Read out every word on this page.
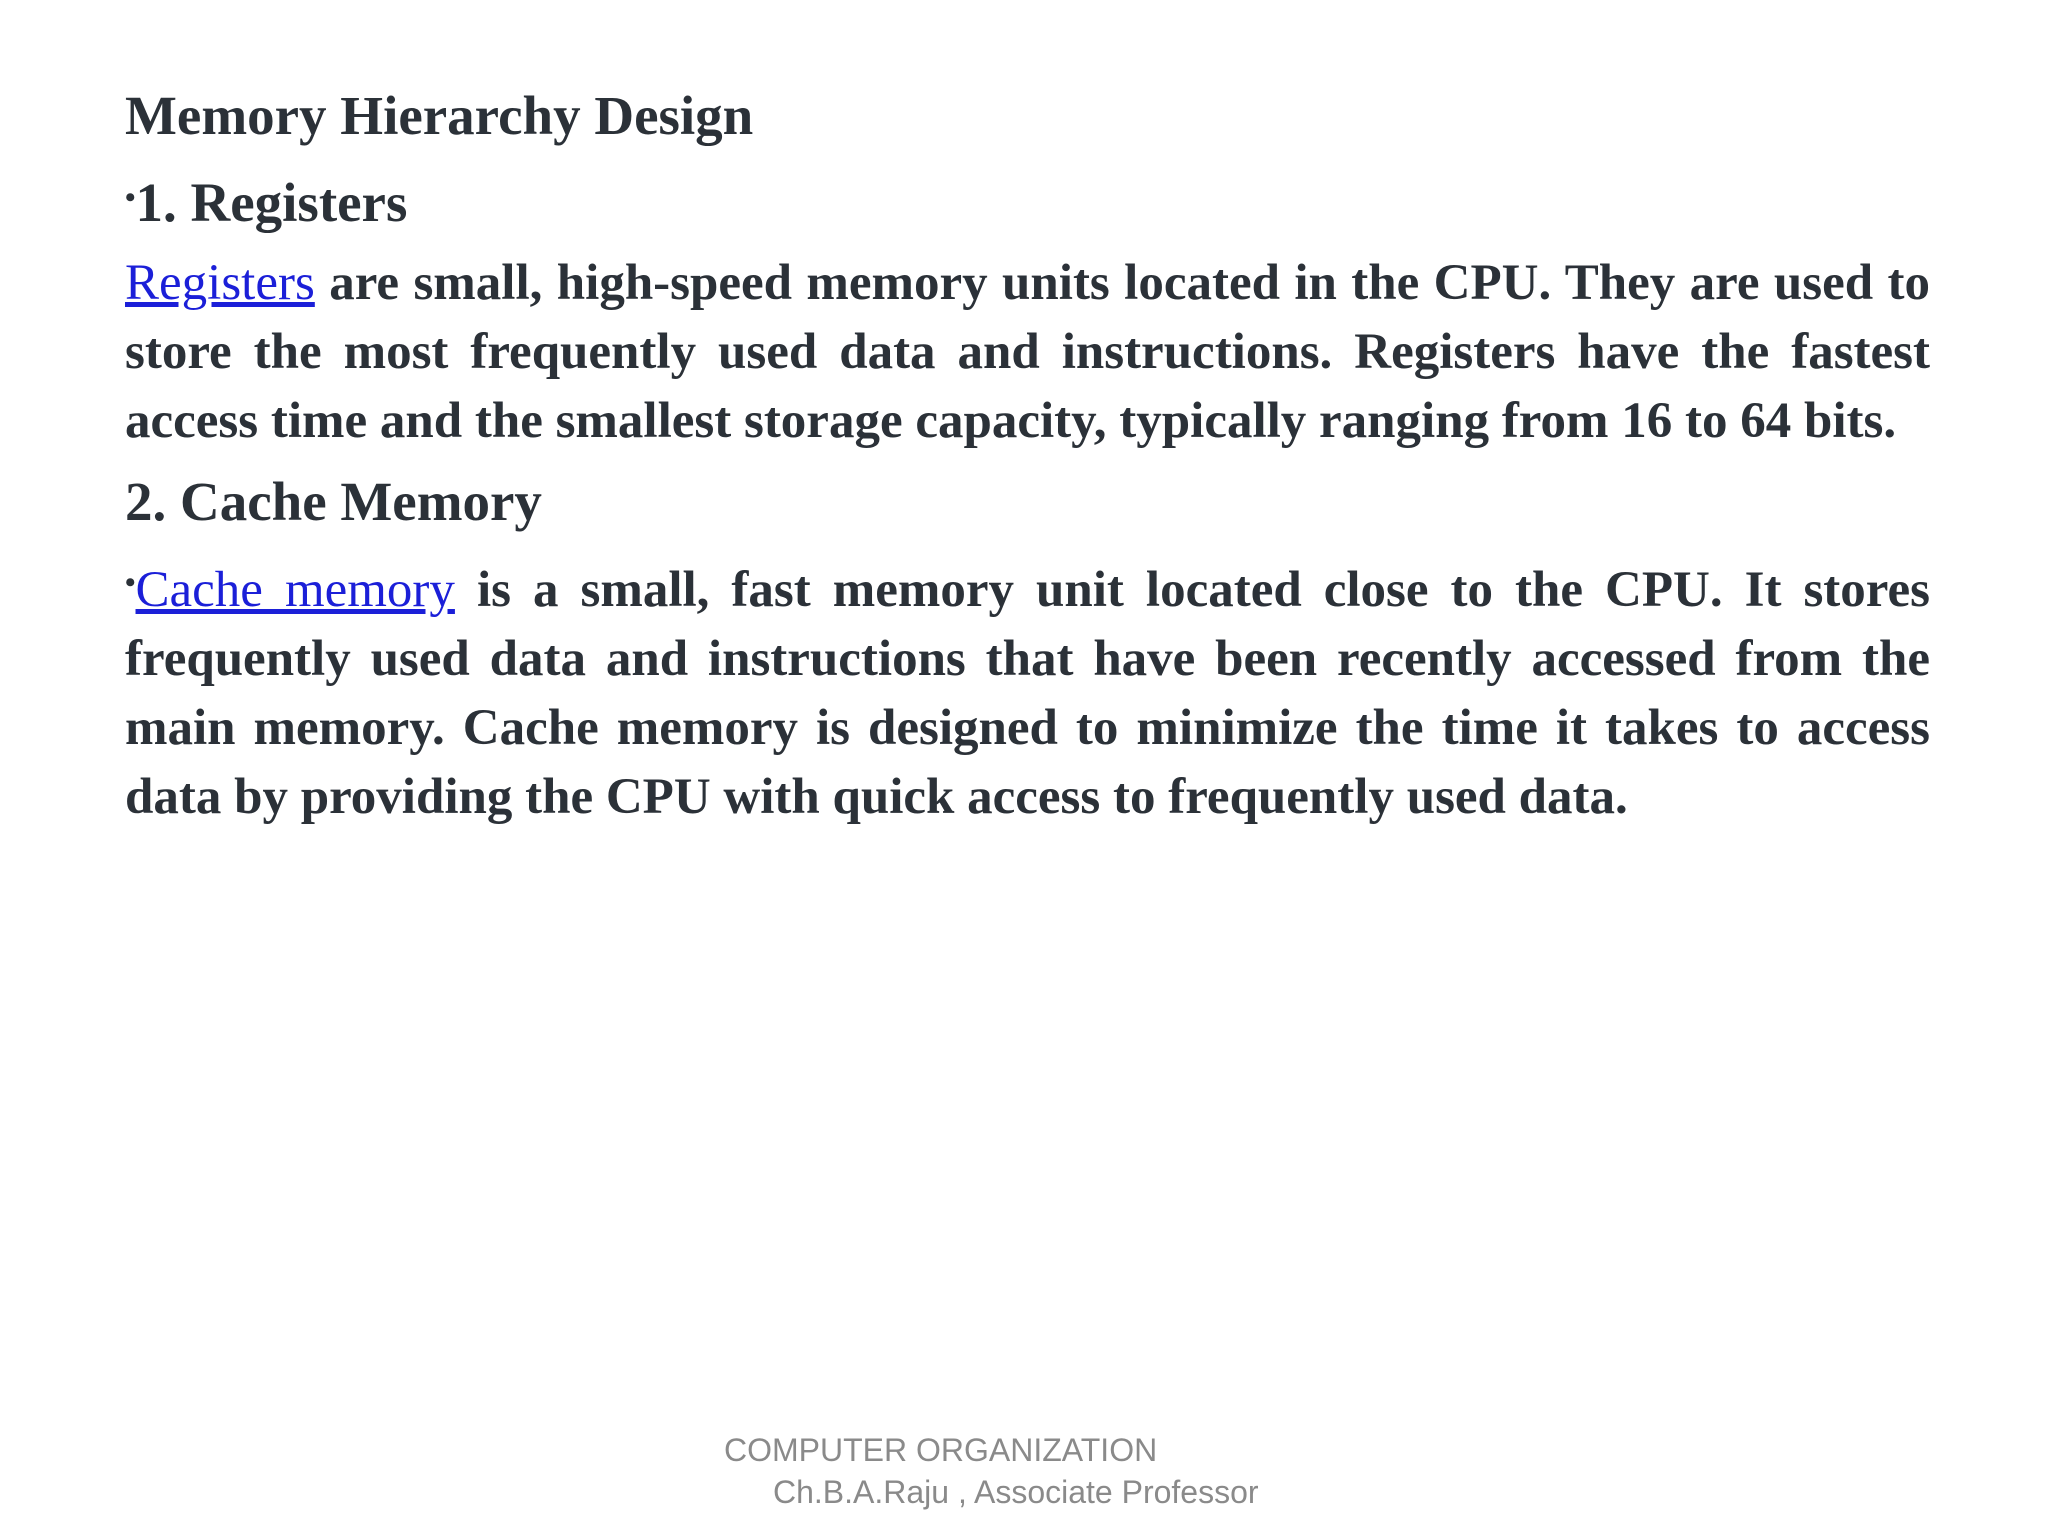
Memory Hierarchy Design
•1. Registers

Registers are small, high-speed memory units located in the CPU. They are used to store the most frequently used data and instructions. Registers have the fastest access time and the smallest storage capacity, typically ranging from 16 to 64 bits.

2. Cache Memory

•Cache memory is a small, fast memory unit located close to the CPU. It stores frequently used data and instructions that have been recently accessed from the main memory. Cache memory is designed to minimize the time it takes to access data by providing the CPU with quick access to frequently used data.

COMPUTER ORGANIZATION
Ch.B.A.Raju , Associate Professor
